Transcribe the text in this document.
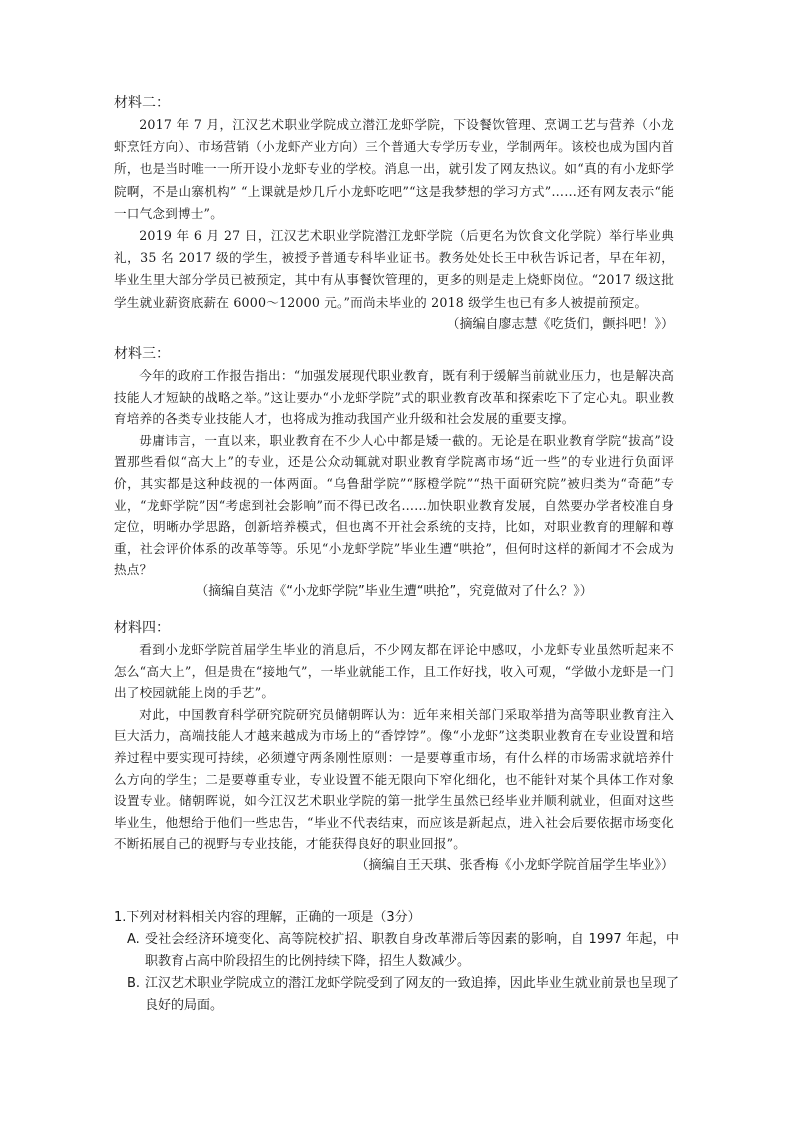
材料二：

2017 年 7 月，江汉艺术职业学院成立潜江龙虾学院，下设餐饮管理、烹调工艺与营养（小龙虾烹饪方向）、市场营销（小龙虾产业方向）三个普通大专学历专业，学制两年。该校也成为国内首所，也是当时唯一一所开设小龙虾专业的学校。消息一出，就引发了网友热议。如“真的有小龙虾学院啊，不是山寨机构” “上课就是炒几斤小龙虾吃吧”“这是我梦想的学习方式”……还有网友表示“能一口气念到博士”。

2019 年 6 月 27 日，江汉艺术职业学院潜江龙虾学院（后更名为饮食文化学院）举行毕业典礼，35 名 2017 级的学生，被授予普通专科毕业证书。教务处处长王中秋告诉记者，早在年初，毕业生里大部分学员已被预定，其中有从事餐饮管理的，更多的则是走上烧虾岗位。“2017 级这批学生就业薪资底薪在 6000～12000 元。”而尚未毕业的 2018 级学生也已有多人被提前预定。

（摘编自廖志慧《吃货们，颤抖吧！》）

材料三：

今年的政府工作报告指出：“加强发展现代职业教育，既有利于缓解当前就业压力，也是解决高技能人才短缺的战略之举。”这让要办“小龙虾学院”式的职业教育改革和探索吃下了定心丸。职业教育培养的各类专业技能人才，也将成为推动我国产业升级和社会发展的重要支撑。

毋庸讳言，一直以来，职业教育在不少人心中都是矮一截的。无论是在职业教育学院“拔高”设置那些看似“高大上”的专业，还是公众动辄就对职业教育学院离市场“近一些”的专业进行负面评价，其实都是这种歧视的一体两面。“乌鲁甜学院”“豚橙学院”“热干面研究院”被归类为“奇葩”专业，“龙虾学院”因“考虑到社会影响”而不得已改名……加快职业教育发展，自然要办学者校准自身定位，明晰办学思路，创新培养模式，但也离不开社会系统的支持，比如，对职业教育的理解和尊重，社会评价体系的改革等等。乐见“小龙虾学院”毕业生遭“哄抢”，但何时这样的新闻才不会成为热点？

（摘编自莫洁《“小龙虾学院”毕业生遭“哄抢”，究竟做对了什么？》）

材料四：

看到小龙虾学院首届学生毕业的消息后，不少网友都在评论中感叹，小龙虾专业虽然听起来不怎么“高大上”，但是贵在“接地气”，一毕业就能工作，且工作好找，收入可观，“学做小龙虾是一门出了校园就能上岗的手艺”。

对此，中国教育科学研究院研究员储朝晖认为：近年来相关部门采取举措为高等职业教育注入巨大活力，高端技能人才越来越成为市场上的“香饽饽”。像“小龙虾”这类职业教育在专业设置和培养过程中要实现可持续，必须遵守两条刚性原则：一是要尊重市场，有什么样的市场需求就培养什么方向的学生；二是要尊重专业，专业设置不能无限向下窄化细化，也不能针对某个具体工作对象设置专业。储朝晖说，如今江汉艺术职业学院的第一批学生虽然已经毕业并顺利就业，但面对这些毕业生，他想给于他们一些忠告，“毕业不代表结束，而应该是新起点，进入社会后要依据市场变化不断拓展自己的视野与专业技能，才能获得良好的职业回报”。

（摘编自王天琪、张香梅《小龙虾学院首届学生毕业》）

1.下列对材料相关内容的理解，正确的一项是（3分）

A. 受社会经济环境变化、高等院校扩招、职教自身改革滞后等因素的影响，自 1997 年起，中职教育占高中阶段招生的比例持续下降，招生人数减少。
B. 江汉艺术职业学院成立的潜江龙虾学院受到了网友的一致追捧，因此毕业生就业前景也呈现了良好的局面。
